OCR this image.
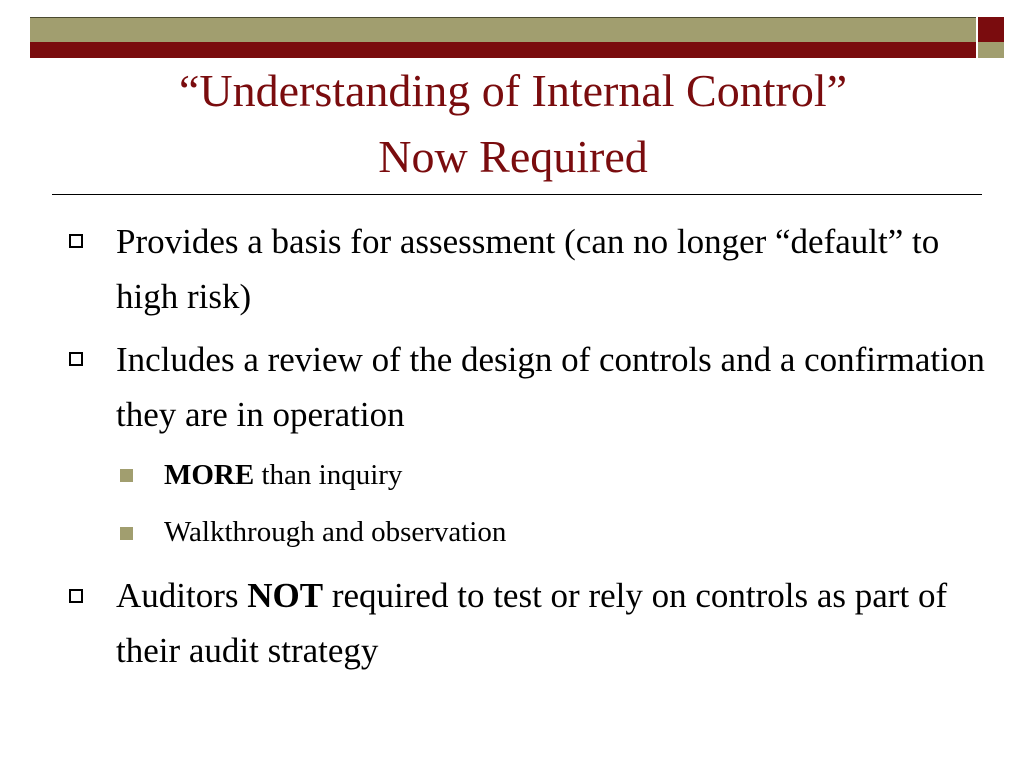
“Understanding of Internal Control”
Now Required
Provides a basis for assessment (can no longer “default” to high risk)
Includes a review of the design of controls and a confirmation they are in operation
MORE than inquiry
Walkthrough and observation
Auditors NOT required to test or rely on controls as part of their audit strategy
